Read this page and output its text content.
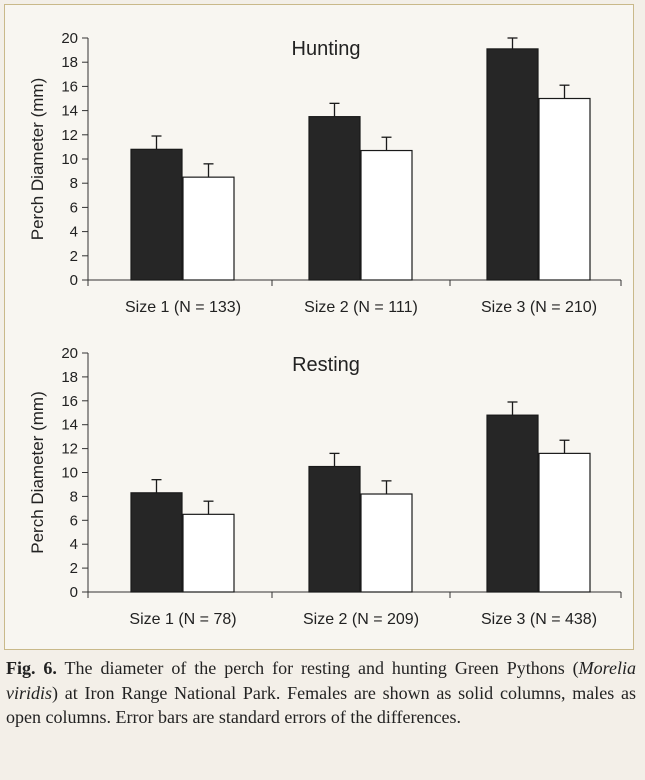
0
2
4
6
8
10
12
14
16
18
20
Perch Diameter (mm)
Hunting
Size 1 (N = 133)	Size 2 (N = 111)	Size 3 (N = 210)
0
2
4
6
8
10
12
14
16
18
20
Perch Diameter (mm)
Resting
Size 1 (N = 78)	Size 2 (N = 209)	Size 3 (N = 438)
Fig. 6. The diameter of the perch for resting and hunting Green Pythons (Morelia viridis) at Iron Range National Park. Females are shown as solid columns, males as open columns. Error bars are standard errors of the differences.
